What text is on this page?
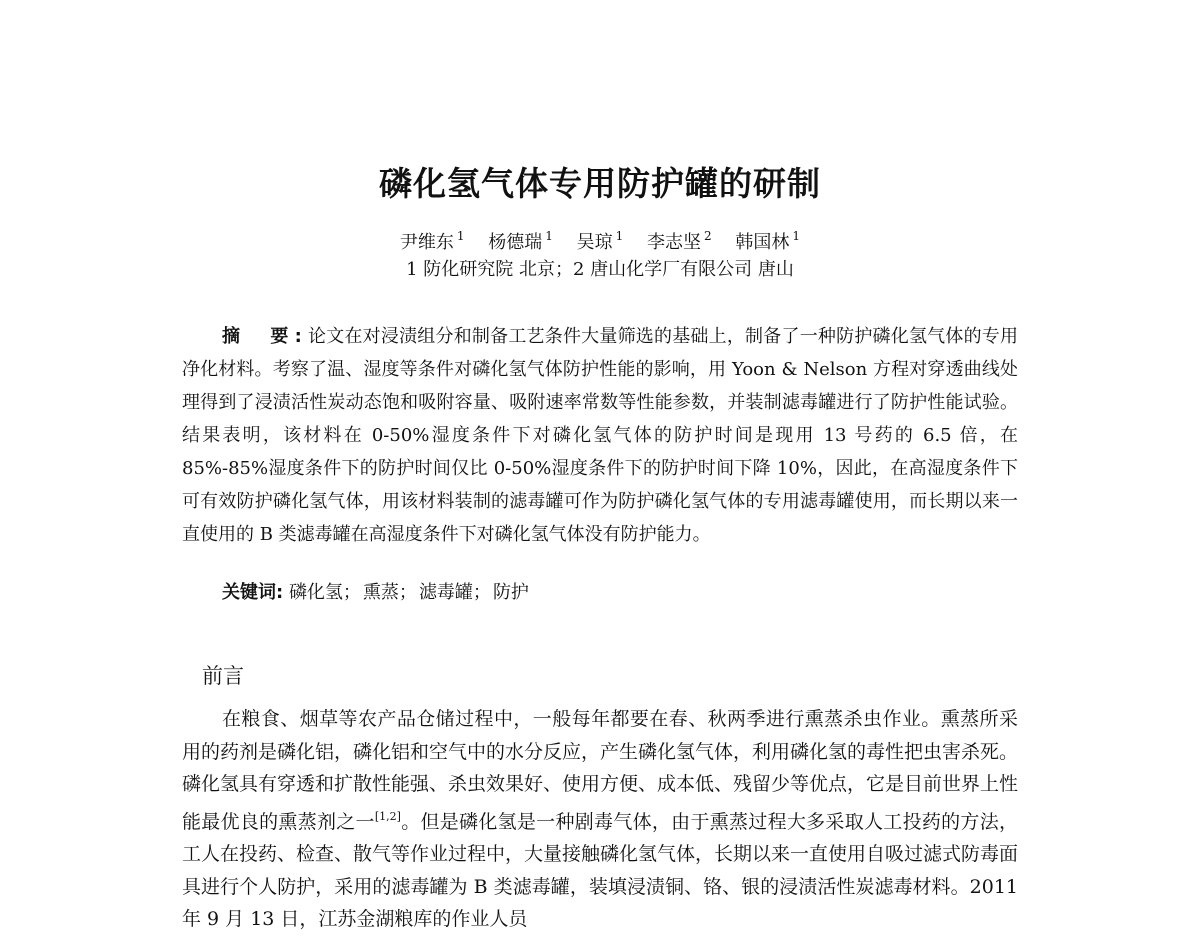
磷化氢气体专用防护罐的研制
尹维东 $^1$ 杨德瑞 $^1$ 吴琼 $^1$ 李志坚 $^2$ 韩国林 $^1$
1 防化研究院 北京；2 唐山化学厂有限公司 唐山

摘　要:论文在对浸渍组分和制备工艺条件大量筛选的基础上，制备了一种防护磷化氢气体的专用净化材料。考察了温、湿度等条件对磷化氢气体防护性能的影响，用 Yoon & Nelson 方程对穿透曲线处理得到了浸渍活性炭动态饱和吸附容量、吸附速率常数等性能参数，并装制滤毒罐进行了防护性能试验。结果表明，该材料在 0-50%湿度条件下对磷化氢气体的防护时间是现用 13 号药的 6.5 倍，在 85%-85%湿度条件下的防护时间仅比 0-50%湿度条件下的防护时间下降 10%，因此，在高湿度条件下可有效防护磷化氢气体，用该材料装制的滤毒罐可作为防护磷化氢气体的专用滤毒罐使用，而长期以来一直使用的 B 类滤毒罐在高湿度条件下对磷化氢气体没有防护能力。

关键词: 磷化氢； 熏蒸； 滤毒罐； 防护
前言

在粮食、烟草等农产品仓储过程中，一般每年都要在春、秋两季进行熏蒸杀虫作业。熏蒸所采用的药剂是磷化铝，磷化铝和空气中的水分反应，产生磷化氢气体，利用磷化氢的毒性把虫害杀死。磷化氢具有穿透和扩散性能强、杀虫效果好、使用方便、成本低、残留少等优点，它是目前世界上性能最优良的熏蒸剂之一[1,2]。但是磷化氢是一种剧毒气体，由于熏蒸过程大多采取人工投药的方法，工人在投药、检查、散气等作业过程中，大量接触磷化氢气体，长期以来一直使用自吸过滤式防毒面具进行个人防护，采用的滤毒罐为 B 类滤毒罐，装填浸渍铜、铬、银的浸渍活性炭滤毒材料。2011 年 9 月 13 日，江苏金湖粮库的作业人员
